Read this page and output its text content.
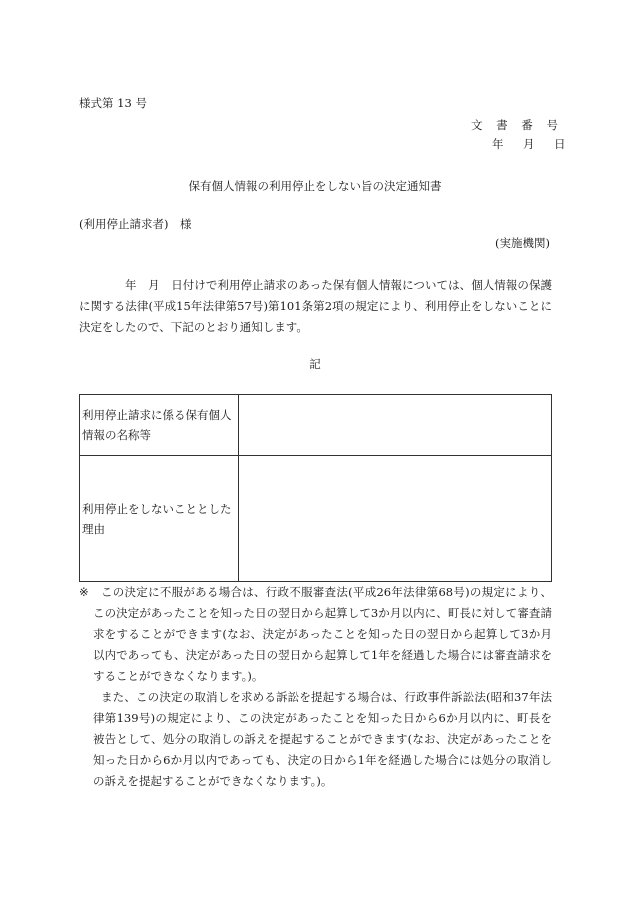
様式第 13 号
文 書 番 号
年　月　日
保有個人情報の利用停止をしない旨の決定通知書
(利用停止請求者)　様
(実施機関)
年　月　日付けで利用停止請求のあった保有個人情報については、個人情報の保護に関する法律(平成15年法律第57号)第101条第2項の規定により、利用停止をしないことに決定をしたので、下記のとおり通知します。
記
利用停止請求に係る保有個人情報の名称等	
利用停止をしないこととした理由	
※	この決定に不服がある場合は、行政不服審査法(平成26年法律第68号)の規定により、この決定があったことを知った日の翌日から起算して3か月以内に、町長に対して審査請求をすることができます(なお、決定があったことを知った日の翌日から起算して3か月以内であっても、決定があった日の翌日から起算して1年を経過した場合には審査請求をすることができなくなります。)。

また、この決定の取消しを求める訴訟を提起する場合は、行政事件訴訟法(昭和37年法律第139号)の規定により、この決定があったことを知った日から6か月以内に、町長を被告として、処分の取消しの訴えを提起することができます(なお、決定があったことを知った日から6か月以内であっても、決定の日から1年を経過した場合には処分の取消しの訴えを提起することができなくなります。)。
